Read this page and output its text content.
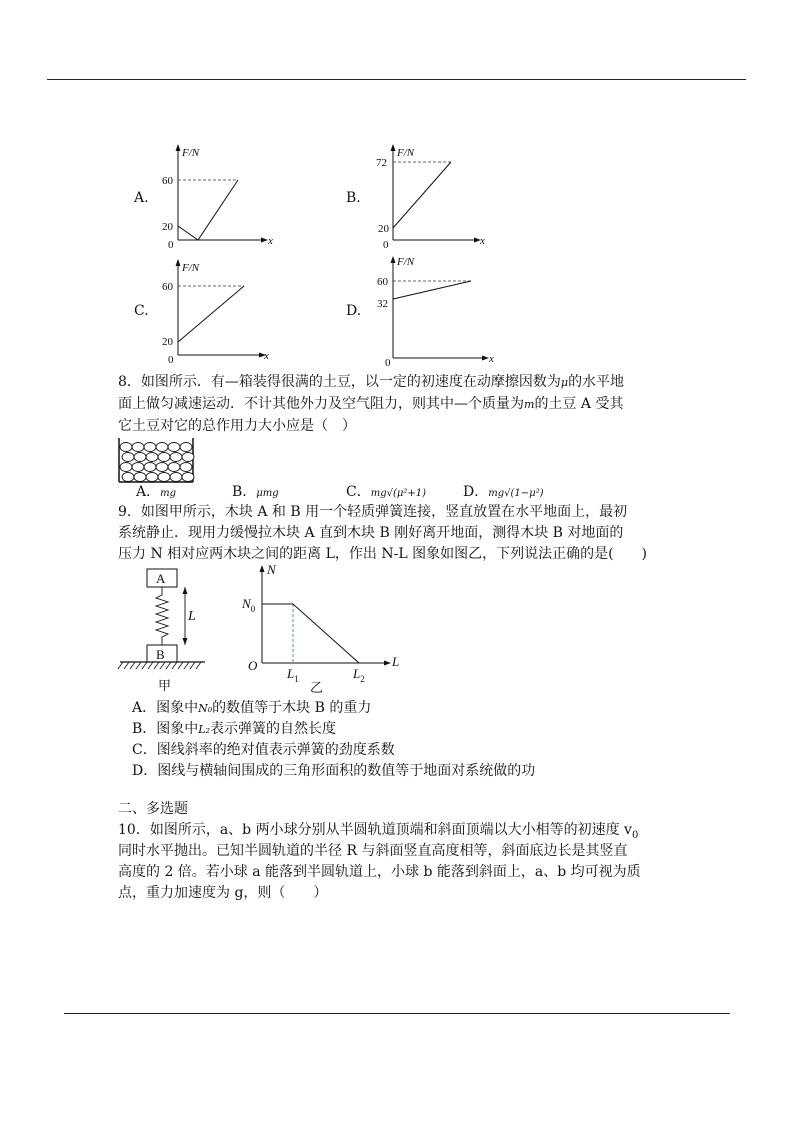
A.
F/N
60
20
0	x
B.
F/N
72
20
0	x
C.
F/N
60
20
0	x
D.
F/N
60
32
0	x
8．如图所示．有—箱装得很满的土豆，以一定的初速度在动摩擦因数为μ的水平地
面上做匀减速运动．不计其他外力及空气阻力，则其中—个质量为m的土豆 A 受其
它土豆对它的总作用力大小应是（　）
A．mg	B．μmg	C．mg√(μ²+1)	D．mg√(1−μ²)
9．如图甲所示，木块 A 和 B 用一个轻质弹簧连接，竖直放置在水平地面上，最初
系统静止．现用力缓慢拉木块 A 直到木块 B 刚好离开地面，测得木块 B 对地面的
压力 N 相对应两木块之间的距离 L，作出 N-L 图象如图乙，下列说法正确的是(　　)
A
B
L
甲
N
L
$N_0$
O
$L_1$	$L_2$
乙
A．图象中N₀的数值等于木块 B 的重力
B．图象中L₂表示弹簧的自然长度
C．图线斜率的绝对值表示弹簧的劲度系数
D．图线与横轴间围成的三角形面积的数值等于地面对系统做的功
二、多选题
10．如图所示，a、b 两小球分别从半圆轨道顶端和斜面顶端以大小相等的初速度 $v_0$
同时水平抛出。已知半圆轨道的半径 R 与斜面竖直高度相等，斜面底边长是其竖直
高度的 2 倍。若小球 a 能落到半圆轨道上，小球 b 能落到斜面上，a、b 均可视为质
点，重力加速度为 g，则（　　）
